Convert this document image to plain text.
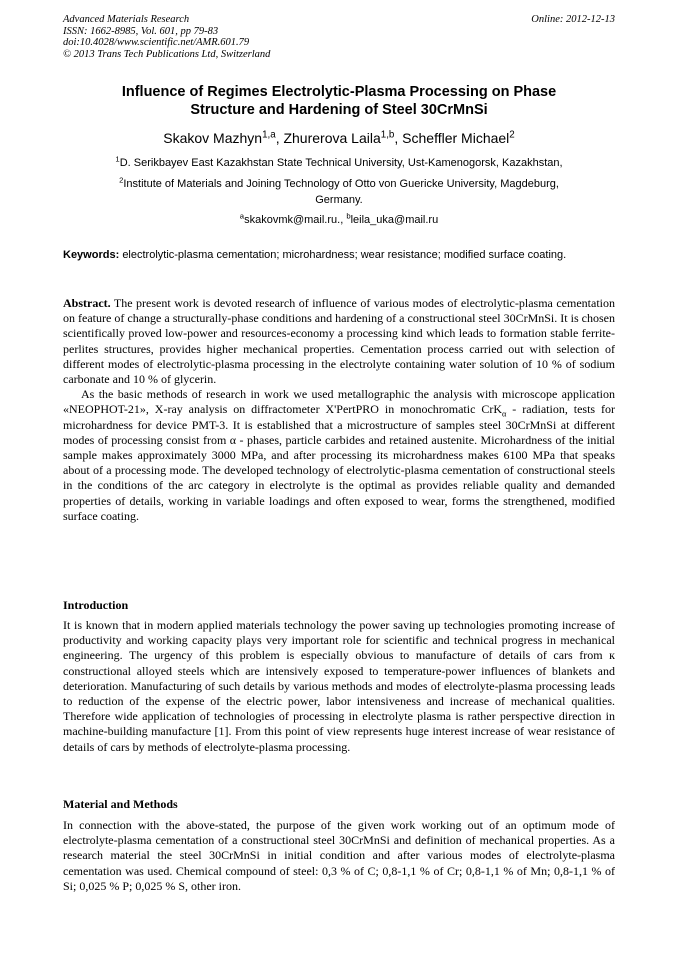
Advanced Materials Research
ISSN: 1662-8985, Vol. 601, pp 79-83
doi:10.4028/www.scientific.net/AMR.601.79
© 2013 Trans Tech Publications Ltd, Switzerland
Online: 2012-12-13
Influence of Regimes Electrolytic-Plasma Processing on Phase
Structure and Hardening of Steel 30CrMnSi
Skakov Mazhyn$^{1,a}$, Zhurerova Laila$^{1,b}$, Scheffler Michael$^2$
$^1$D. Serikbayev East Kazakhstan State Technical University, Ust-Kamenogorsk, Kazakhstan,
$^2$Institute of Materials and Joining Technology of Otto von Guericke University, Magdeburg,
Germany.
$^a$skakovmk@mail.ru., $^b$leila_uka@mail.ru
Keywords: electrolytic-plasma cementation; microhardness; wear resistance; modified surface coating.

Abstract. The present work is devoted research of influence of various modes of electrolytic-plasma cementation on feature of change a structurally-phase conditions and hardening of a constructional steel 30CrMnSi. It is chosen scientifically proved low-power and resources-economy a processing kind which leads to formation stable ferrite-perlites structures, provides higher mechanical properties. Cementation process carried out with selection of different modes of electrolytic-plasma processing in the electrolyte containing water solution of 10 % of sodium carbonate and 10 % of glycerin.

As the basic methods of research in work we used metallographic the analysis with microscope application «NEOPHOT-21», X-ray analysis on diffractometer X'PertPRO in monochromatic CrK$_\alpha$ - radiation, tests for microhardness for device PMT-3. It is established that a microstructure of samples steel 30CrMnSi at different modes of processing consist from α - phases, particle carbides and retained austenite. Microhardness of the initial sample makes approximately 3000 MPa, and after processing its microhardness makes 6100 MPa that speaks about of a processing mode. The developed technology of electrolytic-plasma cementation of constructional steels in the conditions of the arc category in electrolyte is the optimal as provides reliable quality and demanded properties of details, working in variable loadings and often exposed to wear, forms the strengthened, modified surface coating.

Introduction
It is known that in modern applied materials technology the power saving up technologies promoting increase of productivity and working capacity plays very important role for scientific and technical progress in mechanical engineering. The urgency of this problem is especially obvious to manufacture of details of cars from к constructional alloyed steels which are intensively exposed to temperature-power influences of blankets and deterioration. Manufacturing of such details by various methods and modes of electrolyte-plasma processing leads to reduction of the expense of the electric power, labor intensiveness and increase of mechanical qualities. Therefore wide application of technologies of processing in electrolyte plasma is rather perspective direction in machine-building manufacture [1]. From this point of view represents huge interest increase of wear resistance of details of cars by methods of electrolyte-plasma processing.
Material and Methods
In connection with the above-stated, the purpose of the given work working out of an optimum mode of electrolyte-plasma cementation of a constructional steel 30CrMnSi and definition of mechanical properties. As a research material the steel 30CrMnSi in initial condition and after various modes of electrolyte-plasma cementation was used. Chemical compound of steel: 0,3 % of C; 0,8-1,1 % of Cr; 0,8-1,1 % of Mn; 0,8-1,1 % of Si; 0,025 % P; 0,025 % S, other iron.
